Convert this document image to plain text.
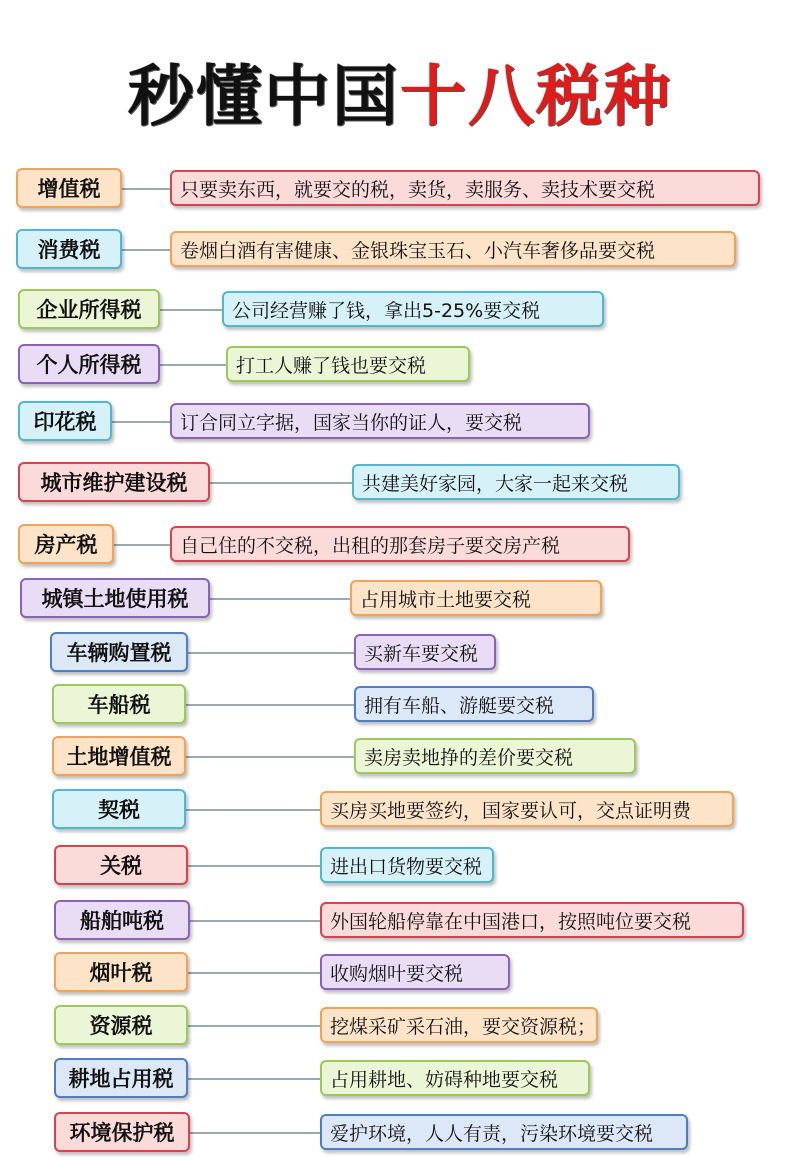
秒懂中国十八税种
增值税	只要卖东西，就要交的税，卖货，卖服务、卖技术要交税
消费税	卷烟白酒有害健康、金银珠宝玉石、小汽车奢侈品要交税
企业所得税	公司经营赚了钱，拿出5-25%要交税
个人所得税	打工人赚了钱也要交税
印花税	订合同立字据，国家当你的证人，要交税
城市维护建设税	共建美好家园，大家一起来交税
房产税	自己住的不交税，出租的那套房子要交房产税
城镇土地使用税	占用城市土地要交税
车辆购置税	买新车要交税
车船税	拥有车船、游艇要交税
土地增值税	卖房卖地挣的差价要交税
契税	买房买地要签约，国家要认可，交点证明费
关税	进出口货物要交税
船舶吨税	外国轮船停靠在中国港口，按照吨位要交税
烟叶税	收购烟叶要交税
资源税	挖煤采矿采石油，要交资源税；
耕地占用税	占用耕地、妨碍种地要交税
环境保护税	爱护环境，人人有责，污染环境要交税
